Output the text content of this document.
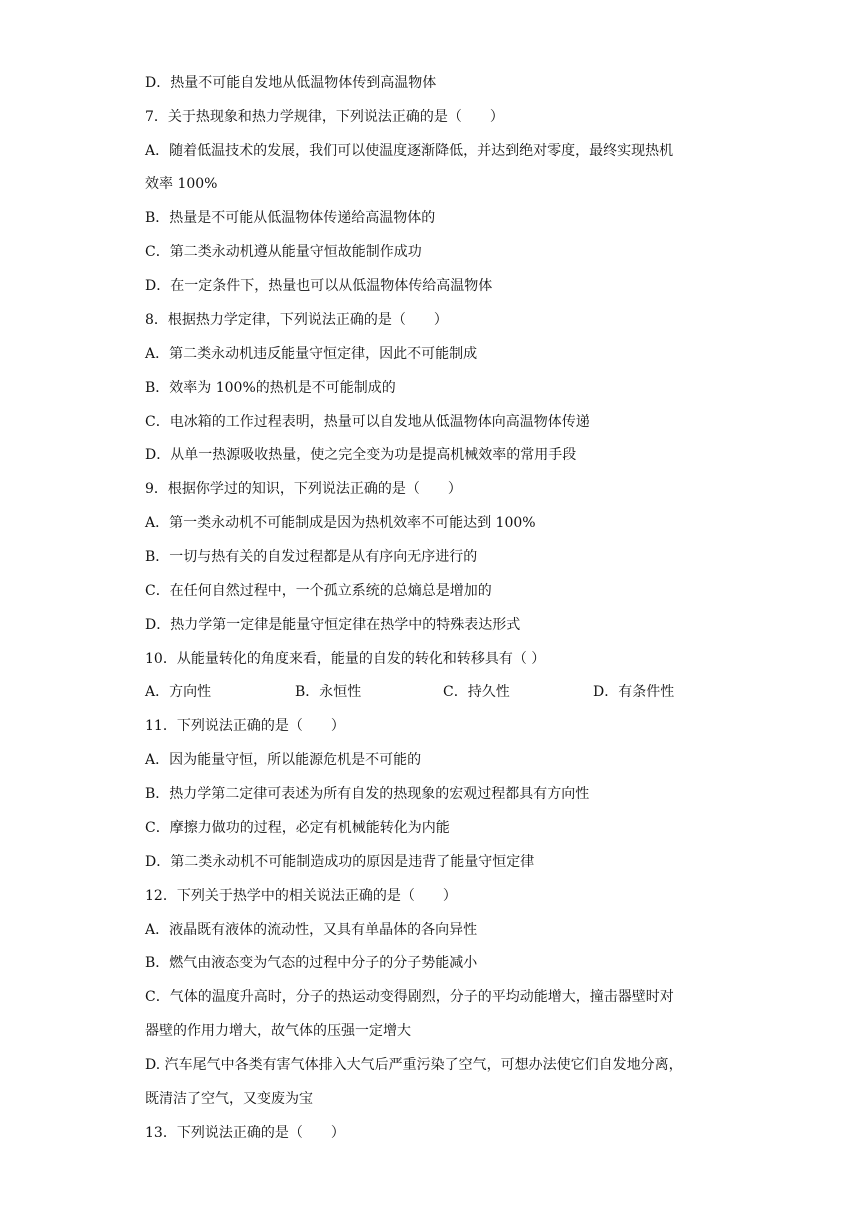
D．热量不可能自发地从低温物体传到高温物体
7．关于热现象和热力学规律，下列说法正确的是（　　）
A．随着低温技术的发展，我们可以使温度逐渐降低，并达到绝对零度，最终实现热机
效率 100%
B．热量是不可能从低温物体传递给高温物体的
C．第二类永动机遵从能量守恒故能制作成功
D．在一定条件下，热量也可以从低温物体传给高温物体
8．根据热力学定律，下列说法正确的是（　　）
A．第二类永动机违反能量守恒定律，因此不可能制成
B．效率为 100%的热机是不可能制成的
C．电冰箱的工作过程表明，热量可以自发地从低温物体向高温物体传递
D．从单一热源吸收热量，使之完全变为功是提高机械效率的常用手段
9．根据你学过的知识，下列说法正确的是（　　）
A．第一类永动机不可能制成是因为热机效率不可能达到 100%
B．一切与热有关的自发过程都是从有序向无序进行的
C．在任何自然过程中，一个孤立系统的总熵总是增加的
D．热力学第一定律是能量守恒定律在热学中的特殊表达形式
10．从能量转化的角度来看，能量的自发的转化和转移具有（ ）
A．方向性	B．永恒性	C．持久性	D．有条件性
11．下列说法正确的是（　　）
A．因为能量守恒，所以能源危机是不可能的
B．热力学第二定律可表述为所有自发的热现象的宏观过程都具有方向性
C．摩擦力做功的过程，必定有机械能转化为内能
D．第二类永动机不可能制造成功的原因是违背了能量守恒定律
12．下列关于热学中的相关说法正确的是（　　）
A．液晶既有液体的流动性，又具有单晶体的各向异性
B．燃气由液态变为气态的过程中分子的分子势能减小
C．气体的温度升高时，分子的热运动变得剧烈，分子的平均动能增大，撞击器壁时对
器壁的作用力增大，故气体的压强一定增大
D. 汽车尾气中各类有害气体排入大气后严重污染了空气，可想办法使它们自发地分离，
既清洁了空气，又变废为宝
13．下列说法正确的是（　　）
